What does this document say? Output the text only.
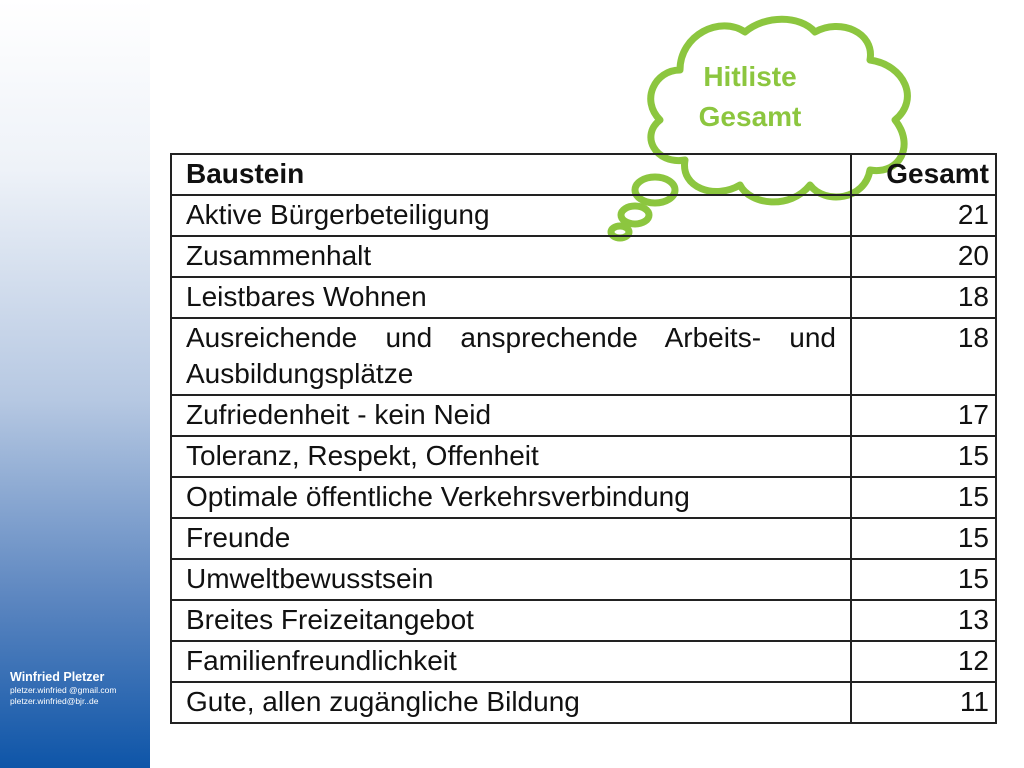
Winfried Pletzer
pletzer.winfried @gmail.com
pletzer.winfried@bjr..de
Hitliste
Gesamt
Baustein	Gesamt
Aktive Bürgerbeteiligung	21
Zusammenhalt	20
Leistbares Wohnen	18
Ausreichende und ansprechende Arbeits- und Ausbildungsplätze	18
Zufriedenheit - kein Neid	17
Toleranz, Respekt, Offenheit	15
Optimale öffentliche Verkehrsverbindung	15
Freunde	15
Umweltbewusstsein	15
Breites Freizeitangebot	13
Familienfreundlichkeit	12
Gute, allen zugängliche Bildung	11
